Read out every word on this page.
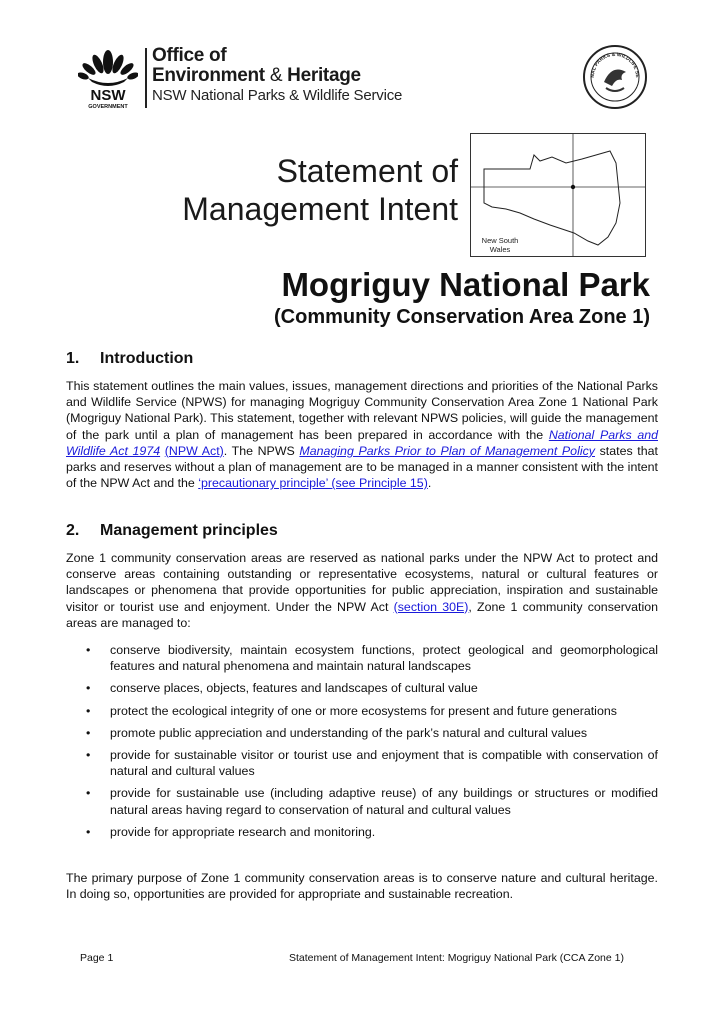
NSW
GOVERNMENT
Office of
Environment & Heritage
NSW National Parks & Wildlife Service
NAL PARKS & WILDLIFE SE
Statement of
Management Intent
New South
Wales
Mogriguy National Park
(Community Conservation Area Zone 1)
1. Introduction
This statement outlines the main values, issues, management directions and priorities of the National Parks and Wildlife Service (NPWS) for managing Mogriguy Community Conservation Area Zone 1 National Park (Mogriguy National Park). This statement, together with relevant NPWS policies, will guide the management of the park until a plan of management has been prepared in accordance with the National Parks and Wildlife Act 1974 (NPW Act). The NPWS Managing Parks Prior to Plan of Management Policy states that parks and reserves without a plan of management are to be managed in a manner consistent with the intent of the NPW Act and the ‘precautionary principle’ (see Principle 15).
2. Management principles
Zone 1 community conservation areas are reserved as national parks under the NPW Act to protect and conserve areas containing outstanding or representative ecosystems, natural or cultural features or landscapes or phenomena that provide opportunities for public appreciation, inspiration and sustainable visitor or tourist use and enjoyment. Under the NPW Act (section 30E), Zone 1 community conservation areas are managed to:
• conserve biodiversity, maintain ecosystem functions, protect geological and geomorphological features and natural phenomena and maintain natural landscapes
• conserve places, objects, features and landscapes of cultural value
• protect the ecological integrity of one or more ecosystems for present and future generations
• promote public appreciation and understanding of the park’s natural and cultural values
• provide for sustainable visitor or tourist use and enjoyment that is compatible with conservation of natural and cultural values
• provide for sustainable use (including adaptive reuse) of any buildings or structures or modified natural areas having regard to conservation of natural and cultural values
• provide for appropriate research and monitoring.
The primary purpose of Zone 1 community conservation areas is to conserve nature and cultural heritage. In doing so, opportunities are provided for appropriate and sustainable recreation.
Page 1	Statement of Management Intent: Mogriguy National Park (CCA Zone 1)
